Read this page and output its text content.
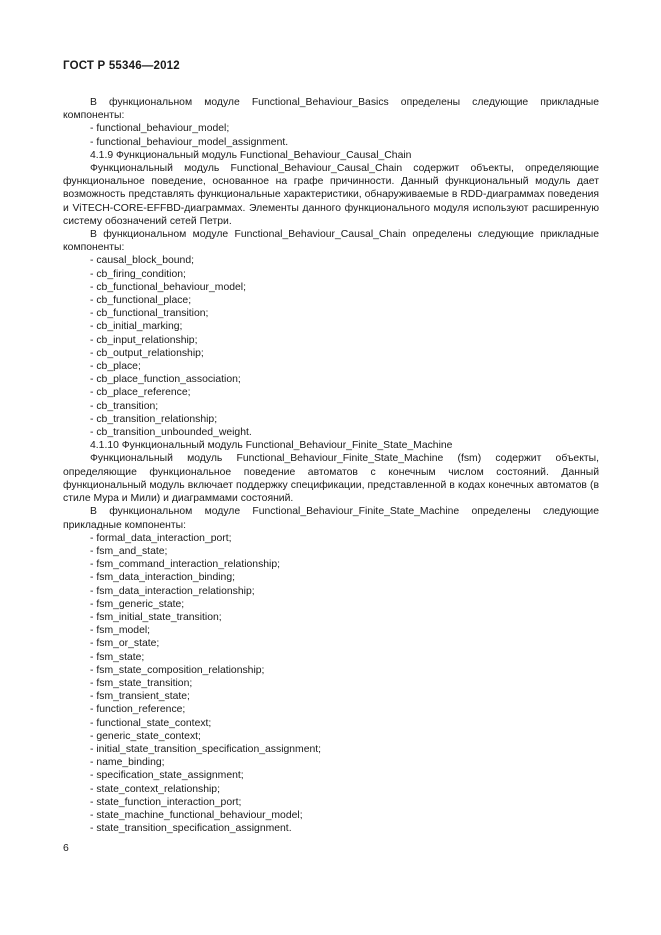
ГОСТ Р 55346—2012

В функциональном модуле Functional_Behaviour_Basics определены следующие прикладные компоненты:

- functional_behaviour_model;
- functional_behaviour_model_assignment.

4.1.9 Функциональный модуль Functional_Behaviour_Causal_Chain

Функциональный модуль Functional_Behaviour_Causal_Chain содержит объекты, определяющие функциональное поведение, основанное на графе причинности. Данный функциональный модуль дает возможность представлять функциональные характеристики, обнаруживаемые в RDD-диаграммах поведения и ViTECH-CORE-EFFBD-диаграммах. Элементы данного функционального модуля используют расширенную систему обозначений сетей Петри.

В функциональном модуле Functional_Behaviour_Causal_Chain определены следующие прикладные компоненты:

- causal_block_bound;
- cb_firing_condition;
- cb_functional_behaviour_model;
- cb_functional_place;
- cb_functional_transition;
- cb_initial_marking;
- cb_input_relationship;
- cb_output_relationship;
- cb_place;
- cb_place_function_association;
- cb_place_reference;
- cb_transition;
- cb_transition_relationship;
- cb_transition_unbounded_weight.

4.1.10 Функциональный модуль Functional_Behaviour_Finite_State_Machine

Функциональный модуль Functional_Behaviour_Finite_State_Machine (fsm) содержит объекты, определяющие функциональное поведение автоматов с конечным числом состояний. Данный функциональный модуль включает поддержку спецификации, представленной в кодах конечных автоматов (в стиле Мура и Мили) и диаграммами состояний.

В функциональном модуле Functional_Behaviour_Finite_State_Machine определены следующие прикладные компоненты:

- formal_data_interaction_port;
- fsm_and_state;
- fsm_command_interaction_relationship;
- fsm_data_interaction_binding;
- fsm_data_interaction_relationship;
- fsm_generic_state;
- fsm_initial_state_transition;
- fsm_model;
- fsm_or_state;
- fsm_state;
- fsm_state_composition_relationship;
- fsm_state_transition;
- fsm_transient_state;
- function_reference;
- functional_state_context;
- generic_state_context;
- initial_state_transition_specification_assignment;
- name_binding;
- specification_state_assignment;
- state_context_relationship;
- state_function_interaction_port;
- state_machine_functional_behaviour_model;
- state_transition_specification_assignment.
6
